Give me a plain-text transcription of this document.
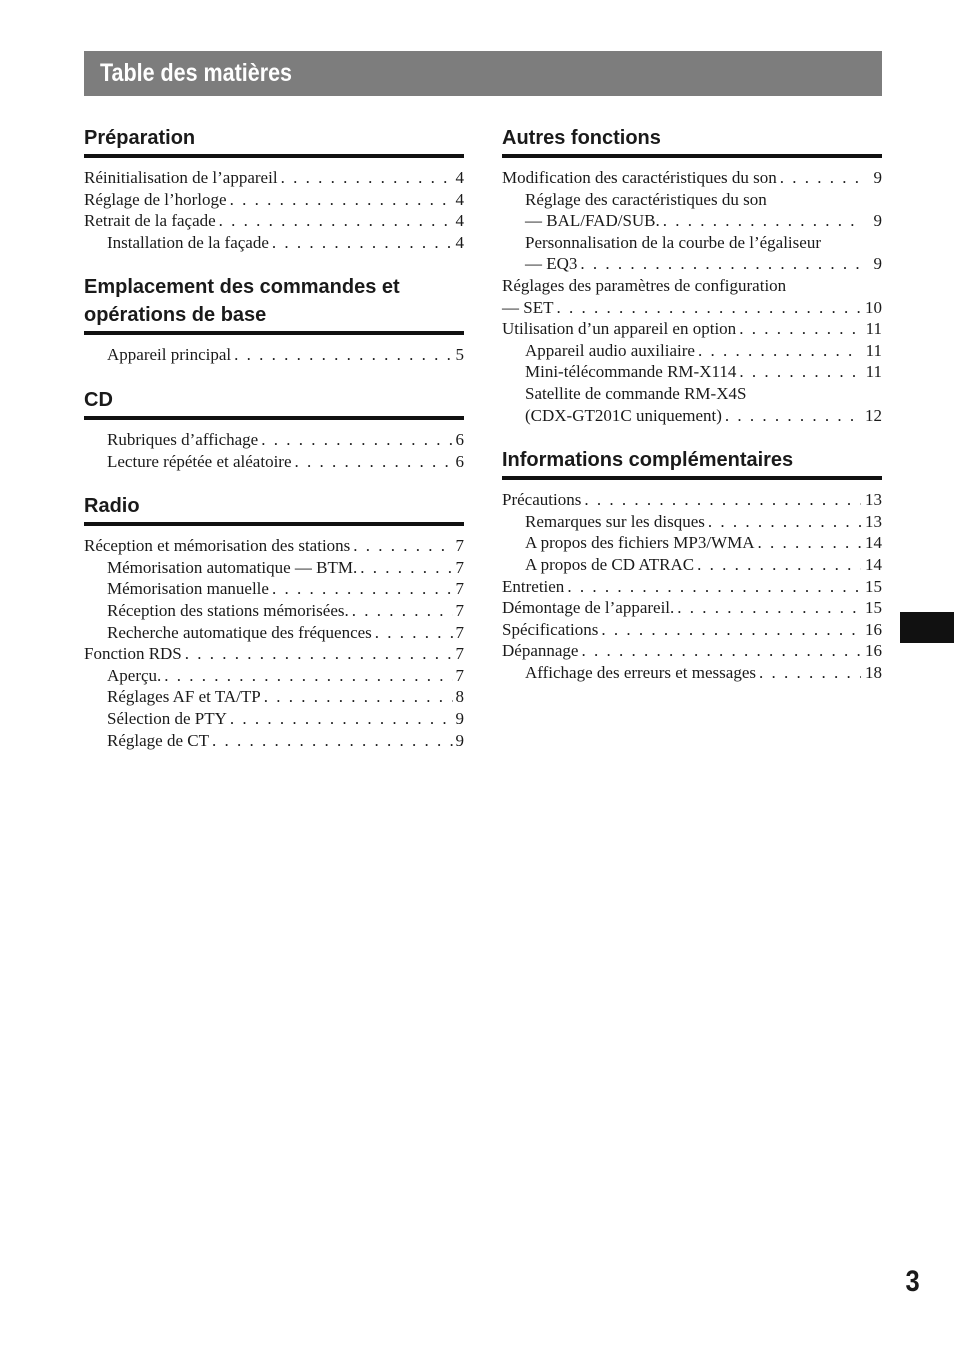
Table des matières
Préparation
Réinitialisation de l’appareil . . .	4
Réglage de l’horloge . . .	4
Retrait de la façade . . .	4
Installation de la façade . . .	4
Emplacement des commandes et opérations de base
Appareil principal . . .	5
CD
Rubriques d’affichage . . .	6
Lecture répétée et aléatoire . . .	6
Radio
Réception et mémorisation des stations . . .	7
Mémorisation automatique — BTM. . . .	7
Mémorisation manuelle . . .	7
Réception des stations mémorisées. . . .	7
Recherche automatique des fréquences . . .	7
Fonction RDS . . .	7
Aperçu. . . .	7
Réglages AF et TA/TP . . .	8
Sélection de PTY . . .	9
Réglage de CT . . .	9
Autres fonctions
Modification des caractéristiques du son . . .	9
Réglage des caractéristiques du son
— BAL/FAD/SUB. . . .	9
Personnalisation de la courbe de l’égaliseur
— EQ3 . . .	9
Réglages des paramètres de configuration
— SET . . .	10
Utilisation d’un appareil en option . . .	11
Appareil audio auxiliaire . . .	11
Mini-télécommande RM-X114 . . .	11
Satellite de commande RM-X4S
(CDX-GT201C uniquement) . . .	12
Informations complémentaires
Précautions . . .	13
Remarques sur les disques . . .	13
A propos des fichiers MP3/WMA . . .	14
A propos de CD ATRAC . . .	14
Entretien . . .	15
Démontage de l’appareil. . . .	15
Spécifications . . .	16
Dépannage . . .	16
Affichage des erreurs et messages . . .	18
3
